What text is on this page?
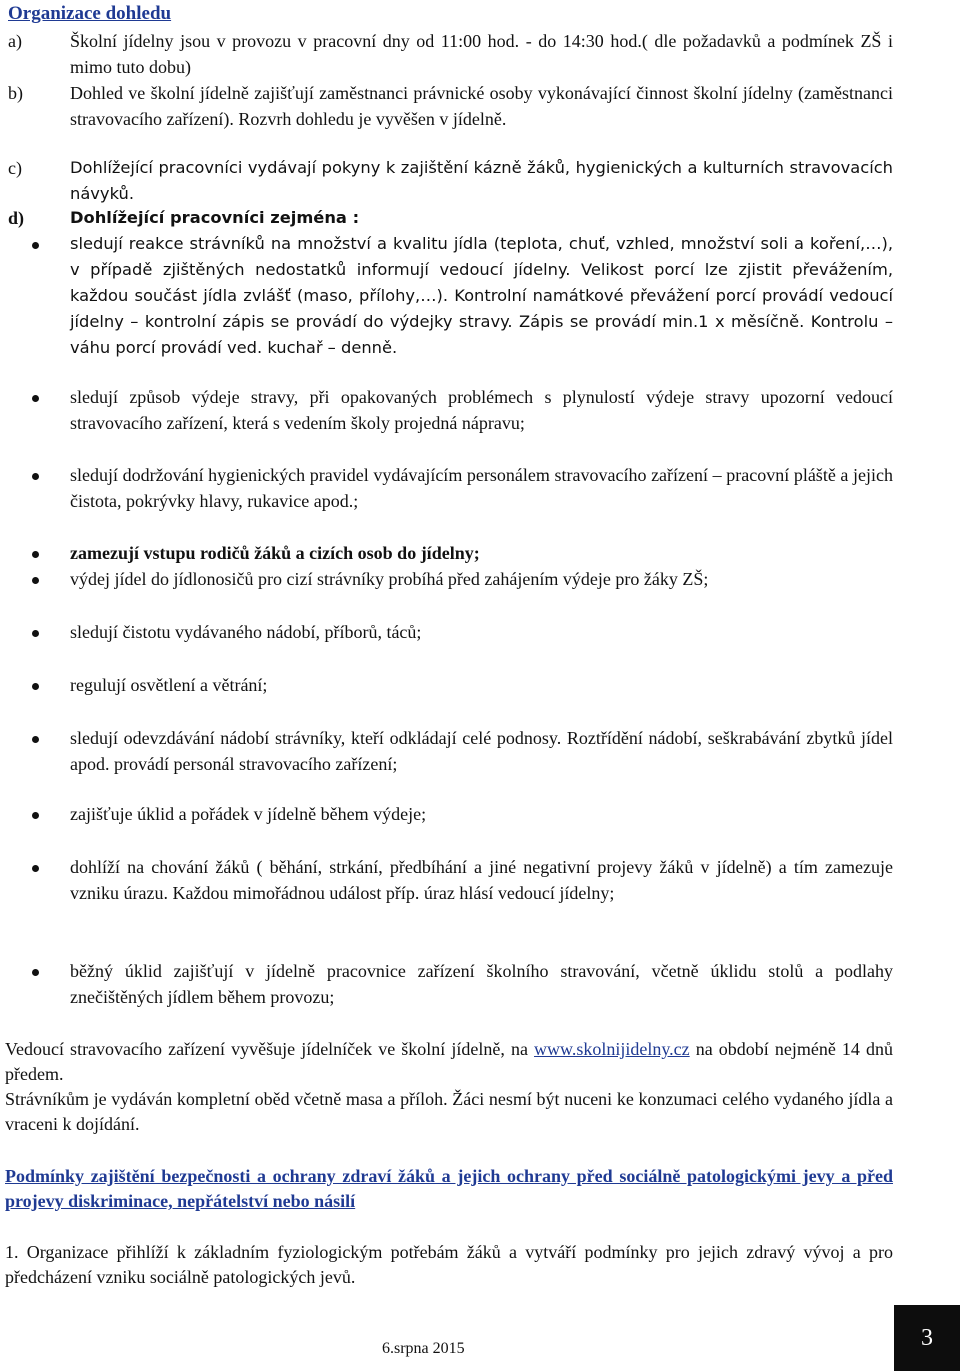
Organizace dohledu
a)	Školní jídelny jsou v provozu v pracovní dny od 11:00 hod. - do 14:30 hod.( dle požadavků a podmínek ZŠ i mimo tuto dobu)
b)	Dohled ve školní jídelně zajišťují zaměstnanci právnické osoby vykonávající činnost školní jídelny (zaměstnanci stravovacího zařízení). Rozvrh dohledu je vyvěšen v jídelně.
c)	Dohlížející pracovníci vydávají pokyny k zajištění kázně žáků, hygienických a kulturních stravovacích návyků.
d)	Dohlížející pracovníci zejména :
sledují reakce strávníků na množství a kvalitu jídla (teplota, chuť, vzhled, množství soli a koření,…), v případě zjištěných nedostatků informují vedoucí jídelny. Velikost porcí lze zjistit převážením, každou součást jídla zvlášť (maso, přílohy,…). Kontrolní namátkové převážení porcí provádí vedoucí jídelny – kontrolní zápis se provádí do výdejky stravy. Zápis se provádí min.1 x měsíčně. Kontrolu – váhu porcí provádí ved. kuchař – denně.
sledují způsob výdeje stravy, při opakovaných problémech s plynulostí výdeje stravy upozorní vedoucí stravovacího zařízení, která s vedením školy projedná nápravu;
sledují dodržování hygienických pravidel vydávajícím personálem stravovacího zařízení – pracovní pláště a jejich čistota, pokrývky hlavy, rukavice apod.;
zamezují vstupu rodičů žáků a cizích osob do jídelny;
výdej jídel do jídlonosičů pro cizí strávníky probíhá před zahájením výdeje pro žáky ZŠ;
sledují čistotu vydávaného nádobí, příborů, táců;
regulují osvětlení a větrání;
sledují odevzdávání nádobí strávníky, kteří odkládají celé podnosy. Roztřídění nádobí, seškrabávání zbytků jídel apod. provádí personál stravovacího zařízení;
zajišťuje úklid a pořádek v jídelně během výdeje;
dohlíží na chování žáků ( běhání, strkání, předbíhání a jiné negativní projevy žáků v jídelně) a tím zamezuje vzniku úrazu. Každou mimořádnou událost příp. úraz hlásí vedoucí jídelny;
běžný úklid zajišťují v jídelně pracovnice zařízení školního stravování, včetně úklidu stolů a podlahy znečištěných jídlem během provozu;
Vedoucí stravovacího zařízení vyvěšuje jídelníček ve školní jídelně, na www.skolnijidelny.cz na období nejméně 14 dnů předem.
Strávníkům je vydáván kompletní oběd včetně masa a příloh. Žáci nesmí být nuceni ke konzumaci celého vydaného jídla a vraceni k dojídání.
Podmínky zajištění bezpečnosti a ochrany zdraví žáků a jejich ochrany před sociálně patologickými jevy a před projevy diskriminace, nepřátelství nebo násilí
1. Organizace přihlíží k základním fyziologickým potřebám žáků a vytváří podmínky pro jejich zdravý vývoj a pro předcházení vzniku sociálně patologických jevů.
6.srpna 2015	3
